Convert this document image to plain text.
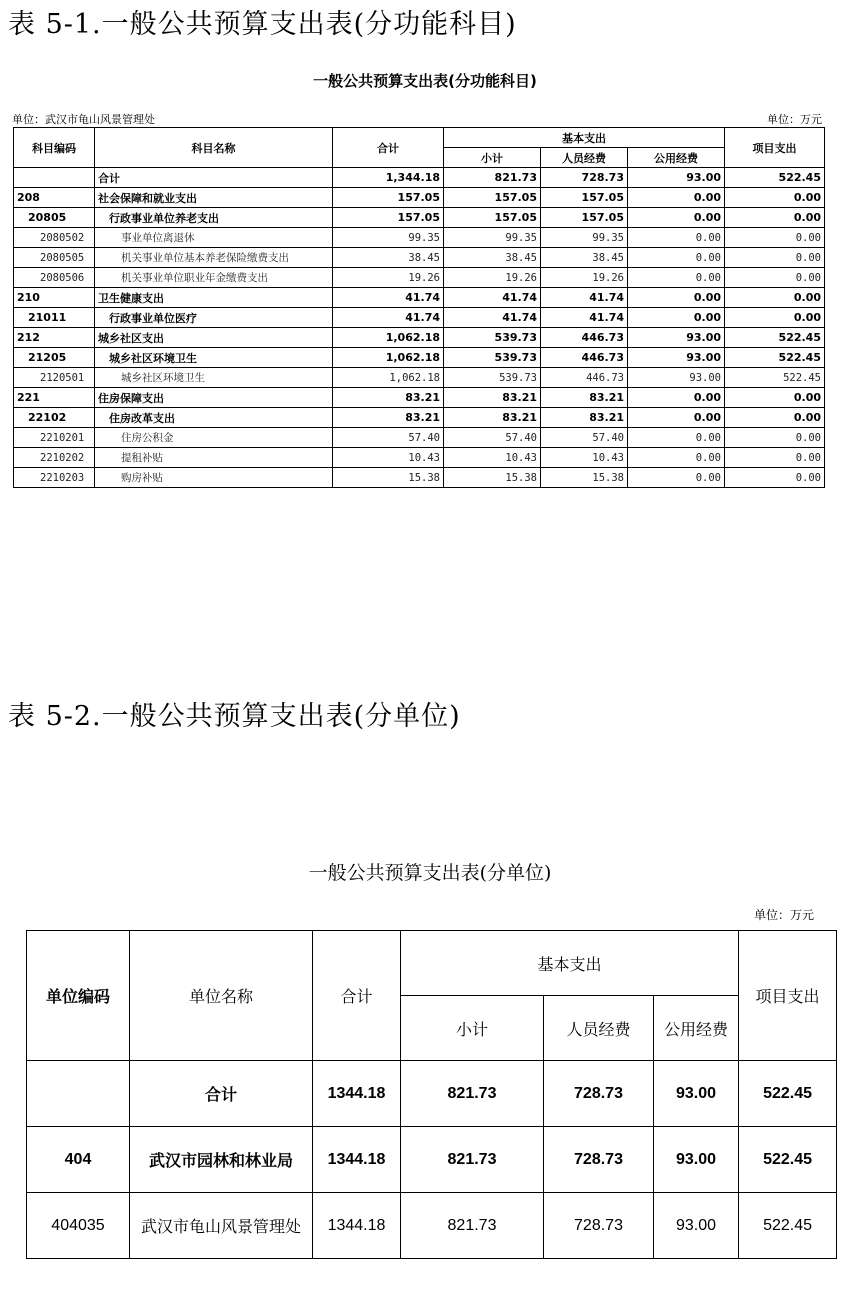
表 5-1.一般公共预算支出表(分功能科目)
一般公共预算支出表(分功能科目)
单位：武汉市龟山风景管理处	单位：万元
科目编码	科目名称	合计	基本支出			项目支出
			小计	人员经费	公用经费	
	合计	1,344.18	821.73	728.73	93.00	522.45
208	社会保障和就业支出	157.05	157.05	157.05	0.00	0.00
20805	行政事业单位养老支出	157.05	157.05	157.05	0.00	0.00
2080502	事业单位离退休	99.35	99.35	99.35	0.00	0.00
2080505	机关事业单位基本养老保险缴费支出	38.45	38.45	38.45	0.00	0.00
2080506	机关事业单位职业年金缴费支出	19.26	19.26	19.26	0.00	0.00
210	卫生健康支出	41.74	41.74	41.74	0.00	0.00
21011	行政事业单位医疗	41.74	41.74	41.74	0.00	0.00
212	城乡社区支出	1,062.18	539.73	446.73	93.00	522.45
21205	城乡社区环境卫生	1,062.18	539.73	446.73	93.00	522.45
2120501	城乡社区环境卫生	1,062.18	539.73	446.73	93.00	522.45
221	住房保障支出	83.21	83.21	83.21	0.00	0.00
22102	住房改革支出	83.21	83.21	83.21	0.00	0.00
2210201	住房公积金	57.40	57.40	57.40	0.00	0.00
2210202	提租补贴	10.43	10.43	10.43	0.00	0.00
2210203	购房补贴	15.38	15.38	15.38	0.00	0.00
表 5-2.一般公共预算支出表(分单位)
一般公共预算支出表(分单位)
单位：万元
单位编码	单位名称	合计	基本支出			项目支出
			小计	人员经费	公用经费	
	合计	1344.18	821.73	728.73	93.00	522.45
404	武汉市园林和林业局	1344.18	821.73	728.73	93.00	522.45
404035	武汉市龟山风景管理处	1344.18	821.73	728.73	93.00	522.45
